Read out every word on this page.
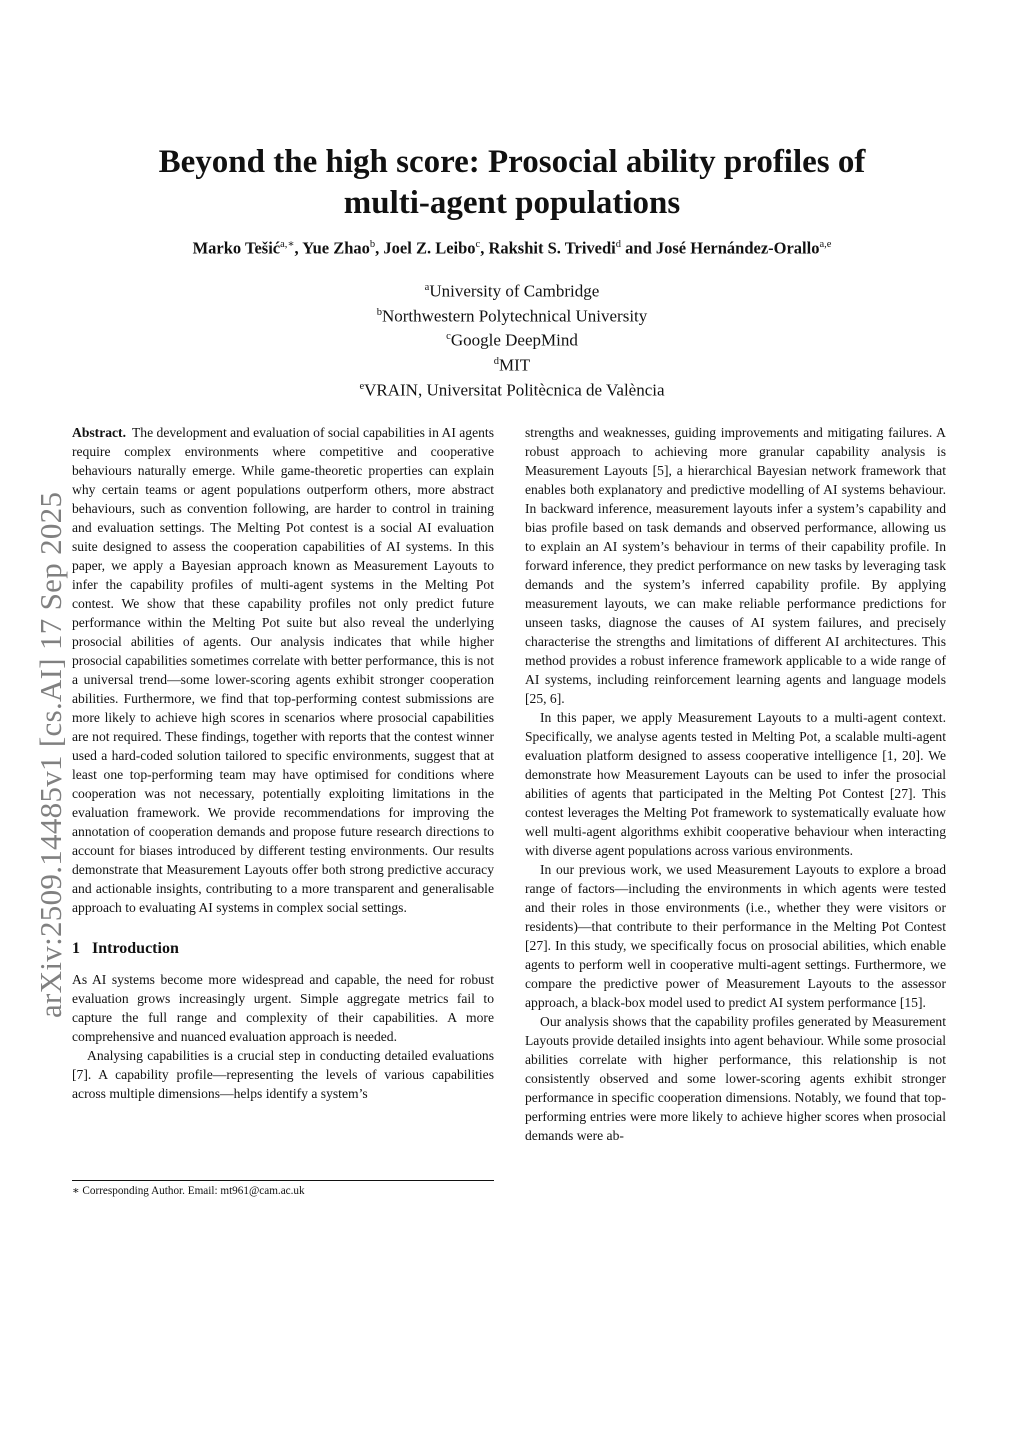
arXiv:2509.14485v1 [cs.AI] 17 Sep 2025
Beyond the high score: Prosocial ability profiles of
multi-agent populations
Marko Tešić$^{a,∗}$, Yue Zhao$^b$, Joel Z. Leibo$^c$, Rakshit S. Trivedi$^d$ and José Hernández-Orallo$^{a,e}$
$^a$University of Cambridge
$^b$Northwestern Polytechnical University
$^c$Google DeepMind
$^d$MIT
$^e$VRAIN, Universitat Politècnica de València

Abstract. The development and evaluation of social capabilities in AI agents require complex environments where competitive and cooperative behaviours naturally emerge. While game-theoretic properties can explain why certain teams or agent populations outperform others, more abstract behaviours, such as convention following, are harder to control in training and evaluation settings. The Melting Pot contest is a social AI evaluation suite designed to assess the cooperation capabilities of AI systems. In this paper, we apply a Bayesian approach known as Measurement Layouts to infer the capability profiles of multi-agent systems in the Melting Pot contest. We show that these capability profiles not only predict future performance within the Melting Pot suite but also reveal the underlying prosocial abilities of agents. Our analysis indicates that while higher prosocial capabilities sometimes correlate with better performance, this is not a universal trend—some lower-scoring agents exhibit stronger cooperation abilities. Furthermore, we find that top-performing contest submissions are more likely to achieve high scores in scenarios where prosocial capabilities are not required. These findings, together with reports that the contest winner used a hard-coded solution tailored to specific environments, suggest that at least one top-performing team may have optimised for conditions where cooperation was not necessary, potentially exploiting limitations in the evaluation framework. We provide recommendations for improving the annotation of cooperation demands and propose future research directions to account for biases introduced by different testing environments. Our results demonstrate that Measurement Layouts offer both strong predictive accuracy and actionable insights, contributing to a more transparent and generalisable approach to evaluating AI systems in complex social settings.

1 Introduction

As AI systems become more widespread and capable, the need for robust evaluation grows increasingly urgent. Simple aggregate metrics fail to capture the full range and complexity of their capabilities. A more comprehensive and nuanced evaluation approach is needed.

Analysing capabilities is a crucial step in conducting detailed evaluations [7]. A capability profile—representing the levels of various capabilities across multiple dimensions—helps identify a system’s

strengths and weaknesses, guiding improvements and mitigating failures. A robust approach to achieving more granular capability analysis is Measurement Layouts [5], a hierarchical Bayesian network framework that enables both explanatory and predictive modelling of AI systems behaviour. In backward inference, measurement layouts infer a system’s capability and bias profile based on task demands and observed performance, allowing us to explain an AI system’s behaviour in terms of their capability profile. In forward inference, they predict performance on new tasks by leveraging task demands and the system’s inferred capability profile. By applying measurement layouts, we can make reliable performance predictions for unseen tasks, diagnose the causes of AI system failures, and precisely characterise the strengths and limitations of different AI architectures. This method provides a robust inference framework applicable to a wide range of AI systems, including reinforcement learning agents and language models [25, 6].

In this paper, we apply Measurement Layouts to a multi-agent context. Specifically, we analyse agents tested in Melting Pot, a scalable multi-agent evaluation platform designed to assess cooperative intelligence [1, 20]. We demonstrate how Measurement Layouts can be used to infer the prosocial abilities of agents that participated in the Melting Pot Contest [27]. This contest leverages the Melting Pot framework to systematically evaluate how well multi-agent algorithms exhibit cooperative behaviour when interacting with diverse agent populations across various environments.

In our previous work, we used Measurement Layouts to explore a broad range of factors—including the environments in which agents were tested and their roles in those environments (i.e., whether they were visitors or residents)—that contribute to their performance in the Melting Pot Contest [27]. In this study, we specifically focus on prosocial abilities, which enable agents to perform well in cooperative multi-agent settings. Furthermore, we compare the predictive power of Measurement Layouts to the assessor approach, a black-box model used to predict AI system performance [15].

Our analysis shows that the capability profiles generated by Measurement Layouts provide detailed insights into agent behaviour. While some prosocial abilities correlate with higher performance, this relationship is not consistently observed and some lower-scoring agents exhibit stronger performance in specific cooperation dimensions. Notably, we found that top-performing entries were more likely to achieve higher scores when prosocial demands were ab-

∗ Corresponding Author. Email: mt961@cam.ac.uk
